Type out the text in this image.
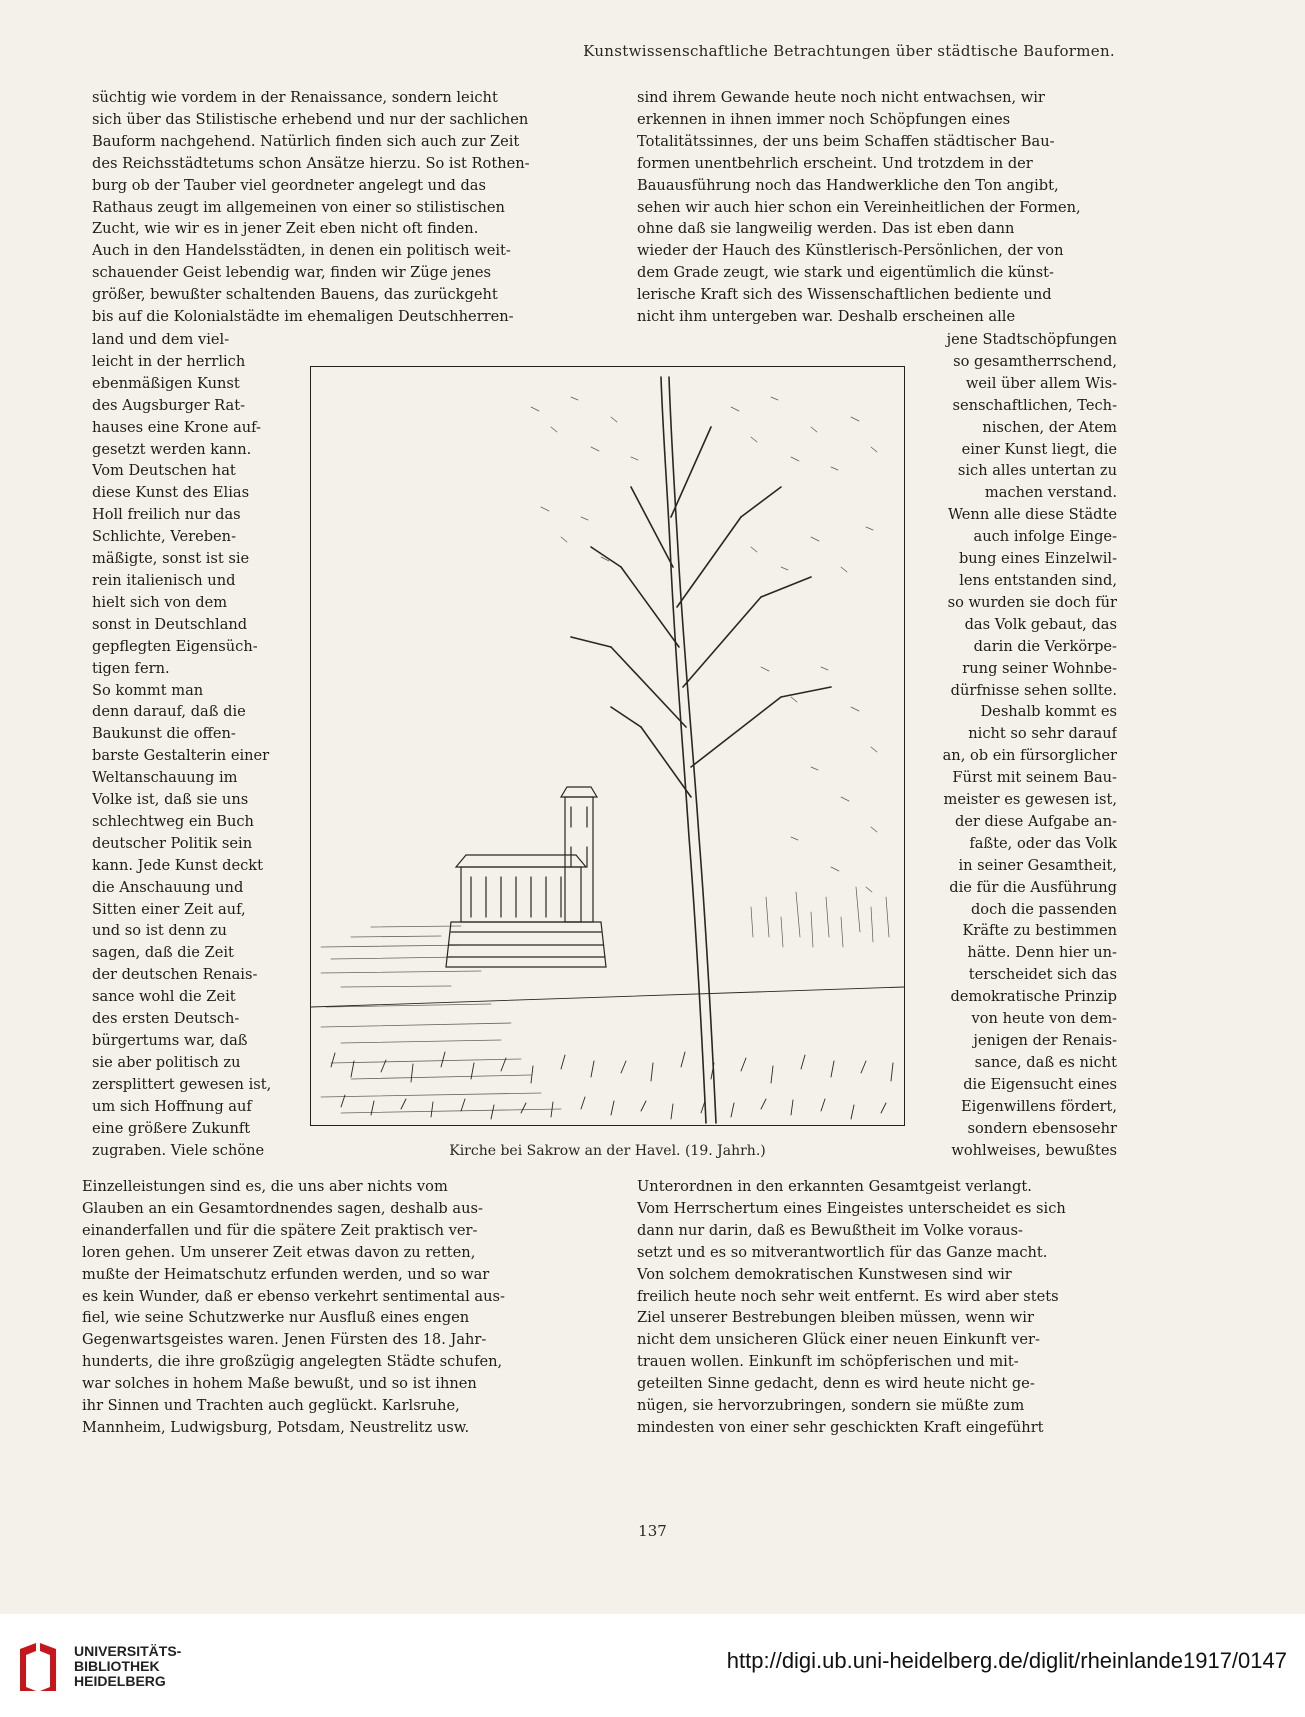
Kunstwissenschaftliche Betrachtungen über städtische Bauformen.
süchtig wie vordem in der Renaissance, sondern leicht
sich über das Stilistische erhebend und nur der sachlichen
Bauform nachgehend. Natürlich finden sich auch zur Zeit
des Reichsstädtetums schon Ansätze hierzu. So ist Rothen-
burg ob der Tauber viel geordneter angelegt und das
Rathaus zeugt im allgemeinen von einer so stilistischen
Zucht, wie wir es in jener Zeit eben nicht oft finden.
Auch in den Handelsstädten, in denen ein politisch weit-
schauender Geist lebendig war, finden wir Züge jenes
größer, bewußter schaltenden Bauens, das zurückgeht
bis auf die Kolonialstädte im ehemaligen Deutschherren-
sind ihrem Gewande heute noch nicht entwachsen, wir
erkennen in ihnen immer noch Schöpfungen eines
Totalitätssinnes, der uns beim Schaffen städtischer Bau-
formen unentbehrlich erscheint. Und trotzdem in der
Bauausführung noch das Handwerkliche den Ton angibt,
sehen wir auch hier schon ein Vereinheitlichen der Formen,
ohne daß sie langweilig werden. Das ist eben dann
wieder der Hauch des Künstlerisch-Persönlichen, der von
dem Grade zeugt, wie stark und eigentümlich die künst-
lerische Kraft sich des Wissenschaftlichen bediente und
nicht ihm untergeben war. Deshalb erscheinen alle
land und dem viel-
leicht in der herrlich
ebenmäßigen Kunst
des Augsburger Rat-
hauses eine Krone auf-
gesetzt werden kann.
Vom Deutschen hat
diese Kunst des Elias
Holl freilich nur das
Schlichte, Vereben-
mäßigte, sonst ist sie
rein italienisch und
hielt sich von dem
sonst in Deutschland
gepflegten Eigensüch-
tigen fern.
So kommt man
denn darauf, daß die
Baukunst die offen-
barste Gestalterin einer
Weltanschauung im
Volke ist, daß sie uns
schlechtweg ein Buch
deutscher Politik sein
kann. Jede Kunst deckt
die Anschauung und
Sitten einer Zeit auf,
und so ist denn zu
sagen, daß die Zeit
der deutschen Renais-
sance wohl die Zeit
des ersten Deutsch-
bürgertums war, daß
sie aber politisch zu
zersplittert gewesen ist,
um sich Hoffnung auf
eine größere Zukunft
zugraben. Viele schöne
jene Stadtschöpfungen
so gesamtherrschend,
weil über allem Wis-
senschaftlichen, Tech-
nischen, der Atem
einer Kunst liegt, die
sich alles untertan zu
machen verstand.
Wenn alle diese Städte
auch infolge Einge-
bung eines Einzelwil-
lens entstanden sind,
so wurden sie doch für
das Volk gebaut, das
darin die Verkörpe-
rung seiner Wohnbe-
dürfnisse sehen sollte.
Deshalb kommt es
nicht so sehr darauf
an, ob ein fürsorglicher
Fürst mit seinem Bau-
meister es gewesen ist,
der diese Aufgabe an-
faßte, oder das Volk
in seiner Gesamtheit,
die für die Ausführung
doch die passenden
Kräfte zu bestimmen
hätte. Denn hier un-
terscheidet sich das
demokratische Prinzip
von heute von dem-
jenigen der Renais-
sance, daß es nicht
die Eigensucht eines
Eigenwillens fördert,
sondern ebensosehr
wohlweises, bewußtes
Einzelleistungen sind es, die uns aber nichts vom
Glauben an ein Gesamtordnendes sagen, deshalb aus-
einanderfallen und für die spätere Zeit praktisch ver-
loren gehen. Um unserer Zeit etwas davon zu retten,
mußte der Heimatschutz erfunden werden, und so war
es kein Wunder, daß er ebenso verkehrt sentimental aus-
fiel, wie seine Schutzwerke nur Ausfluß eines engen
Gegenwartsgeistes waren. Jenen Fürsten des 18. Jahr-
hunderts, die ihre großzügig angelegten Städte schufen,
war solches in hohem Maße bewußt, und so ist ihnen
ihr Sinnen und Trachten auch geglückt. Karlsruhe,
Mannheim, Ludwigsburg, Potsdam, Neustrelitz usw.
Unterordnen in den erkannten Gesamtgeist verlangt.
Vom Herrschertum eines Eingeistes unterscheidet es sich
dann nur darin, daß es Bewußtheit im Volke voraus-
setzt und es so mitverantwortlich für das Ganze macht.
Von solchem demokratischen Kunstwesen sind wir
freilich heute noch sehr weit entfernt. Es wird aber stets
Ziel unserer Bestrebungen bleiben müssen, wenn wir
nicht dem unsicheren Glück einer neuen Einkunft ver-
trauen wollen. Einkunft im schöpferischen und mit-
geteilten Sinne gedacht, denn es wird heute nicht ge-
nügen, sie hervorzubringen, sondern sie müßte zum
mindesten von einer sehr geschickten Kraft eingeführt
Kirche bei Sakrow an der Havel. (19. Jahrh.)
137
UNIVERSITÄTS-
BIBLIOTHEK
HEIDELBERG
http://digi.ub.uni-heidelberg.de/diglit/rheinlande1917/0147
